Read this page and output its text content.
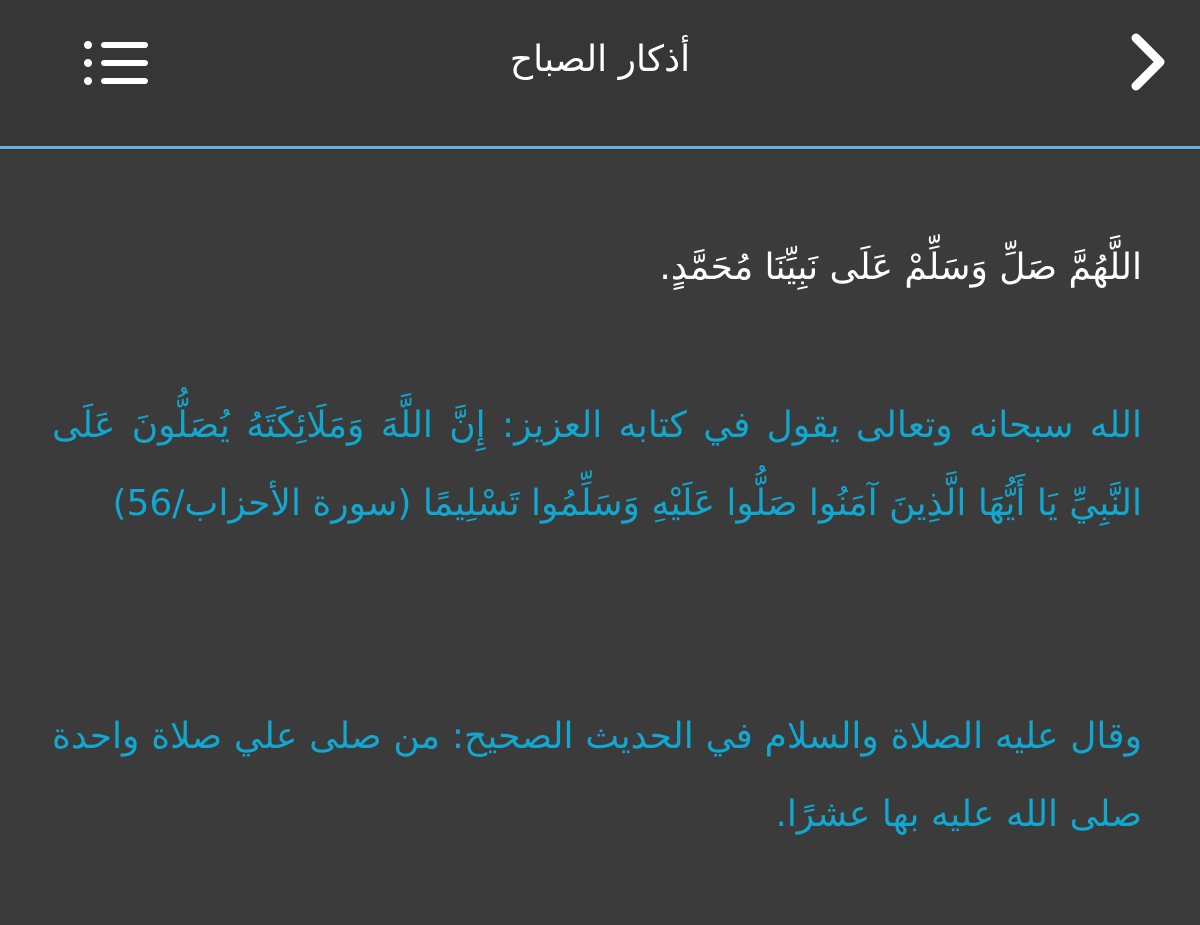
أذكار الصباح

اللَّهُمَّ صَلِّ وَسَلِّمْ عَلَى نَبِيِّنَا مُحَمَّدٍ.

الله سبحانه وتعالى يقول في كتابه العزيز: إِنَّ اللَّهَ وَمَلَائِكَتَهُ يُصَلُّونَ عَلَى النَّبِيِّ يَا أَيُّهَا الَّذِينَ آمَنُوا صَلُّوا عَلَيْهِ وَسَلِّمُوا تَسْلِيمًا (سورة الأحزاب/56)

وقال عليه الصلاة والسلام في الحديث الصحيح: من صلى علي صلاة واحدة صلى الله عليه بها عشرًا.
